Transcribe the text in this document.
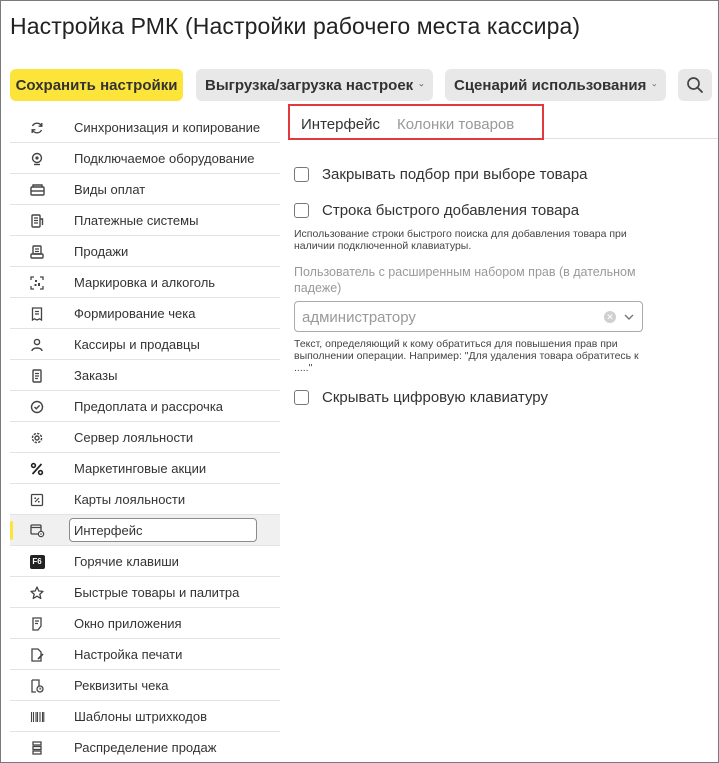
Настройка РМК (Настройки рабочего места кассира)
Сохранить настройки Выгрузка/загрузка настроек	Сценарий использования
Синхронизация и копирование
Подключаемое оборудование
Виды оплат
Платежные системы
Продажи
Маркировка и алкоголь
Формирование чека
Кассиры и продавцы
Заказы
Предоплата и рассрочка
Сервер лояльности
Маркетинговые акции
Карты лояльности
Интерфейс
F6 Горячие клавиши
Быстрые товары и палитра
Окно приложения
Настройка печати
Реквизиты чека
Шаблоны штрихкодов
Распределение продаж
Интерфейс Колонки товаров
Закрывать подбор при выборе товара
Строка быстрого добавления товара
Использование строки быстрого поиска для добавления товара при наличии подключенной клавиатуры.
Пользователь с расширенным набором прав (в дательном падеже)
администратору	✕
Текст, определяющий к кому обратиться для повышения прав при выполнении операции. Например: "Для удаления товара обратитесь к ....."
Скрывать цифровую клавиатуру
